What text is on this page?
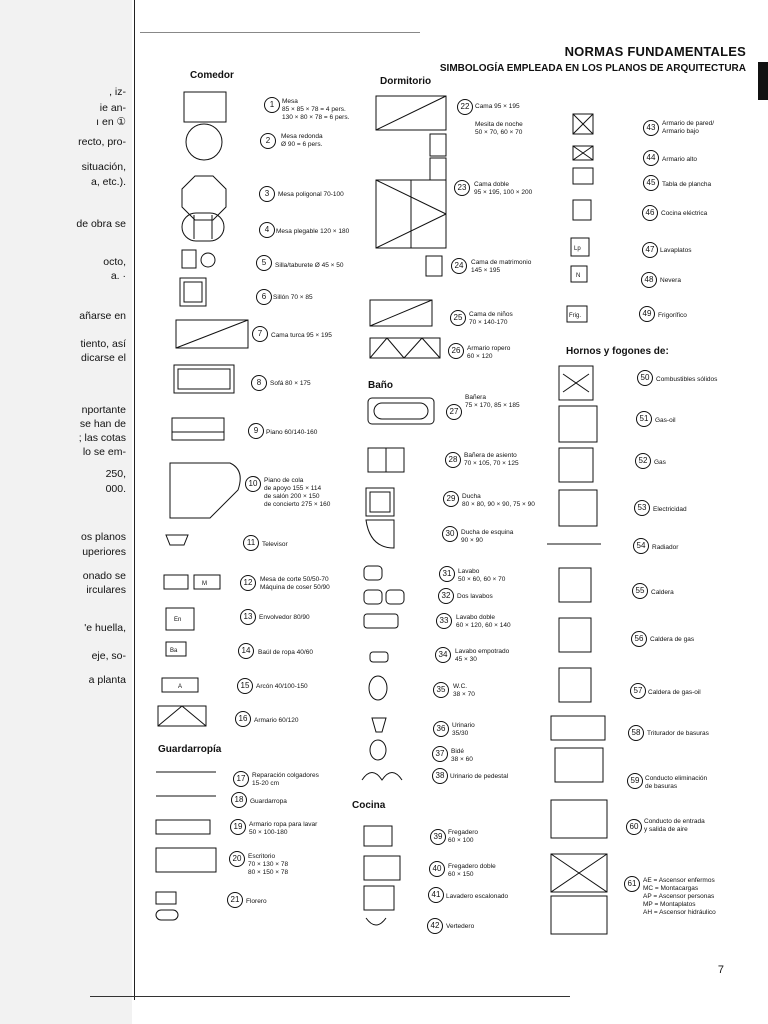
, iz-
ie an-
ı en ①
recto, pro-
situación,
a, etc.).
de obra se
octo,
a. ·
añarse en
tiento, así
dicarse el
nportante
se han de
; las cotas
lo se em-
250,
000.
os planos
uperiores
onado se
irculares
'e huella,
eje, so-
a planta
NORMAS FUNDAMENTALES
SIMBOLOGÍA EMPLEADA EN LOS PLANOS DE ARQUITECTURA
Comedor
Dormitorio
Baño
Guardarropía
Cocina
Hornos y fogones de:
1	Mesa
85 × 85 × 78 = 4 pers.
130 × 80 × 78 = 6 pers.
2	Mesa redonda
Ø 90 = 6 pers.
3	Mesa poligonal 70-100
4	Mesa plegable 120 × 180
5	Silla/taburete Ø 45 × 50
6	Sillón 70 × 85
7	Cama turca 95 × 195
8	Sofá 80 × 175
9	Piano 60/140-160
10	Piano de cola
de apoyo 155 × 114
de salón 200 × 150
de concierto 275 × 160
11	Televisor
12	Mesa de corte 50/50-70
Máquina de coser 50/90
13	Envolvedor 80/90
14	Baúl de ropa 40/60
15	Arcón 40/100-150
16	Armario 60/120
17	Reparación colgadores
15-20 cm
18	Guardarropa
19	Armario ropa para lavar
50 × 100-180
20	Escritorio
70 × 130 × 78
80 × 150 × 78
21	Florero
22 Cama 95 × 195
Mesita de noche
50 × 70, 60 × 70
23	Cama doble
95 × 195, 100 × 200
24	Cama de matrimonio
145 × 195
25	Cama de niños
70 × 140-170
26	Armario ropero
60 × 120
27
Bañera
75 × 170, 85 × 185
28	Bañera de asiento
70 × 105, 70 × 125
29	Ducha
80 × 80, 90 × 90, 75 × 90
30	Ducha de esquina
90 × 90
31	Lavabo
50 × 60, 60 × 70
32	Dos lavabos
33	Lavabo doble
60 × 120, 60 × 140
34	Lavabo empotrado
45 × 30
35	W.C.
38 × 70
36	Urinario
35/30
37	Bidé
38 × 60
38 Urinario de pedestal
39 Fregadero
60 × 100
40	Fregadero doble
60 × 150
41 Lavadero escalonado
42	Vertedero
43	Armario de pared/
Armario bajo
44	Armario alto
45	Tabla de plancha
46	Cocina eléctrica
47 Lavaplatos
48	Nevera
49	Frigorífico
50	Combustibles sólidos
51	Gas-oil
52	Gas
53	Electricidad
54	Radiador
55	Caldera
56	Caldera de gas
57 Caldera de gas-oil
58	Triturador de basuras
59 Conducto eliminación
de basuras
60
Conducto de entrada
y salida de aire
61	AE = Ascensor enfermos
MC = Montacargas
AP = Ascensor personas
MP = Montaplatos
AH = Ascensor hidráulico
M
En
Ba
A
Lp
N
Frig.
7
